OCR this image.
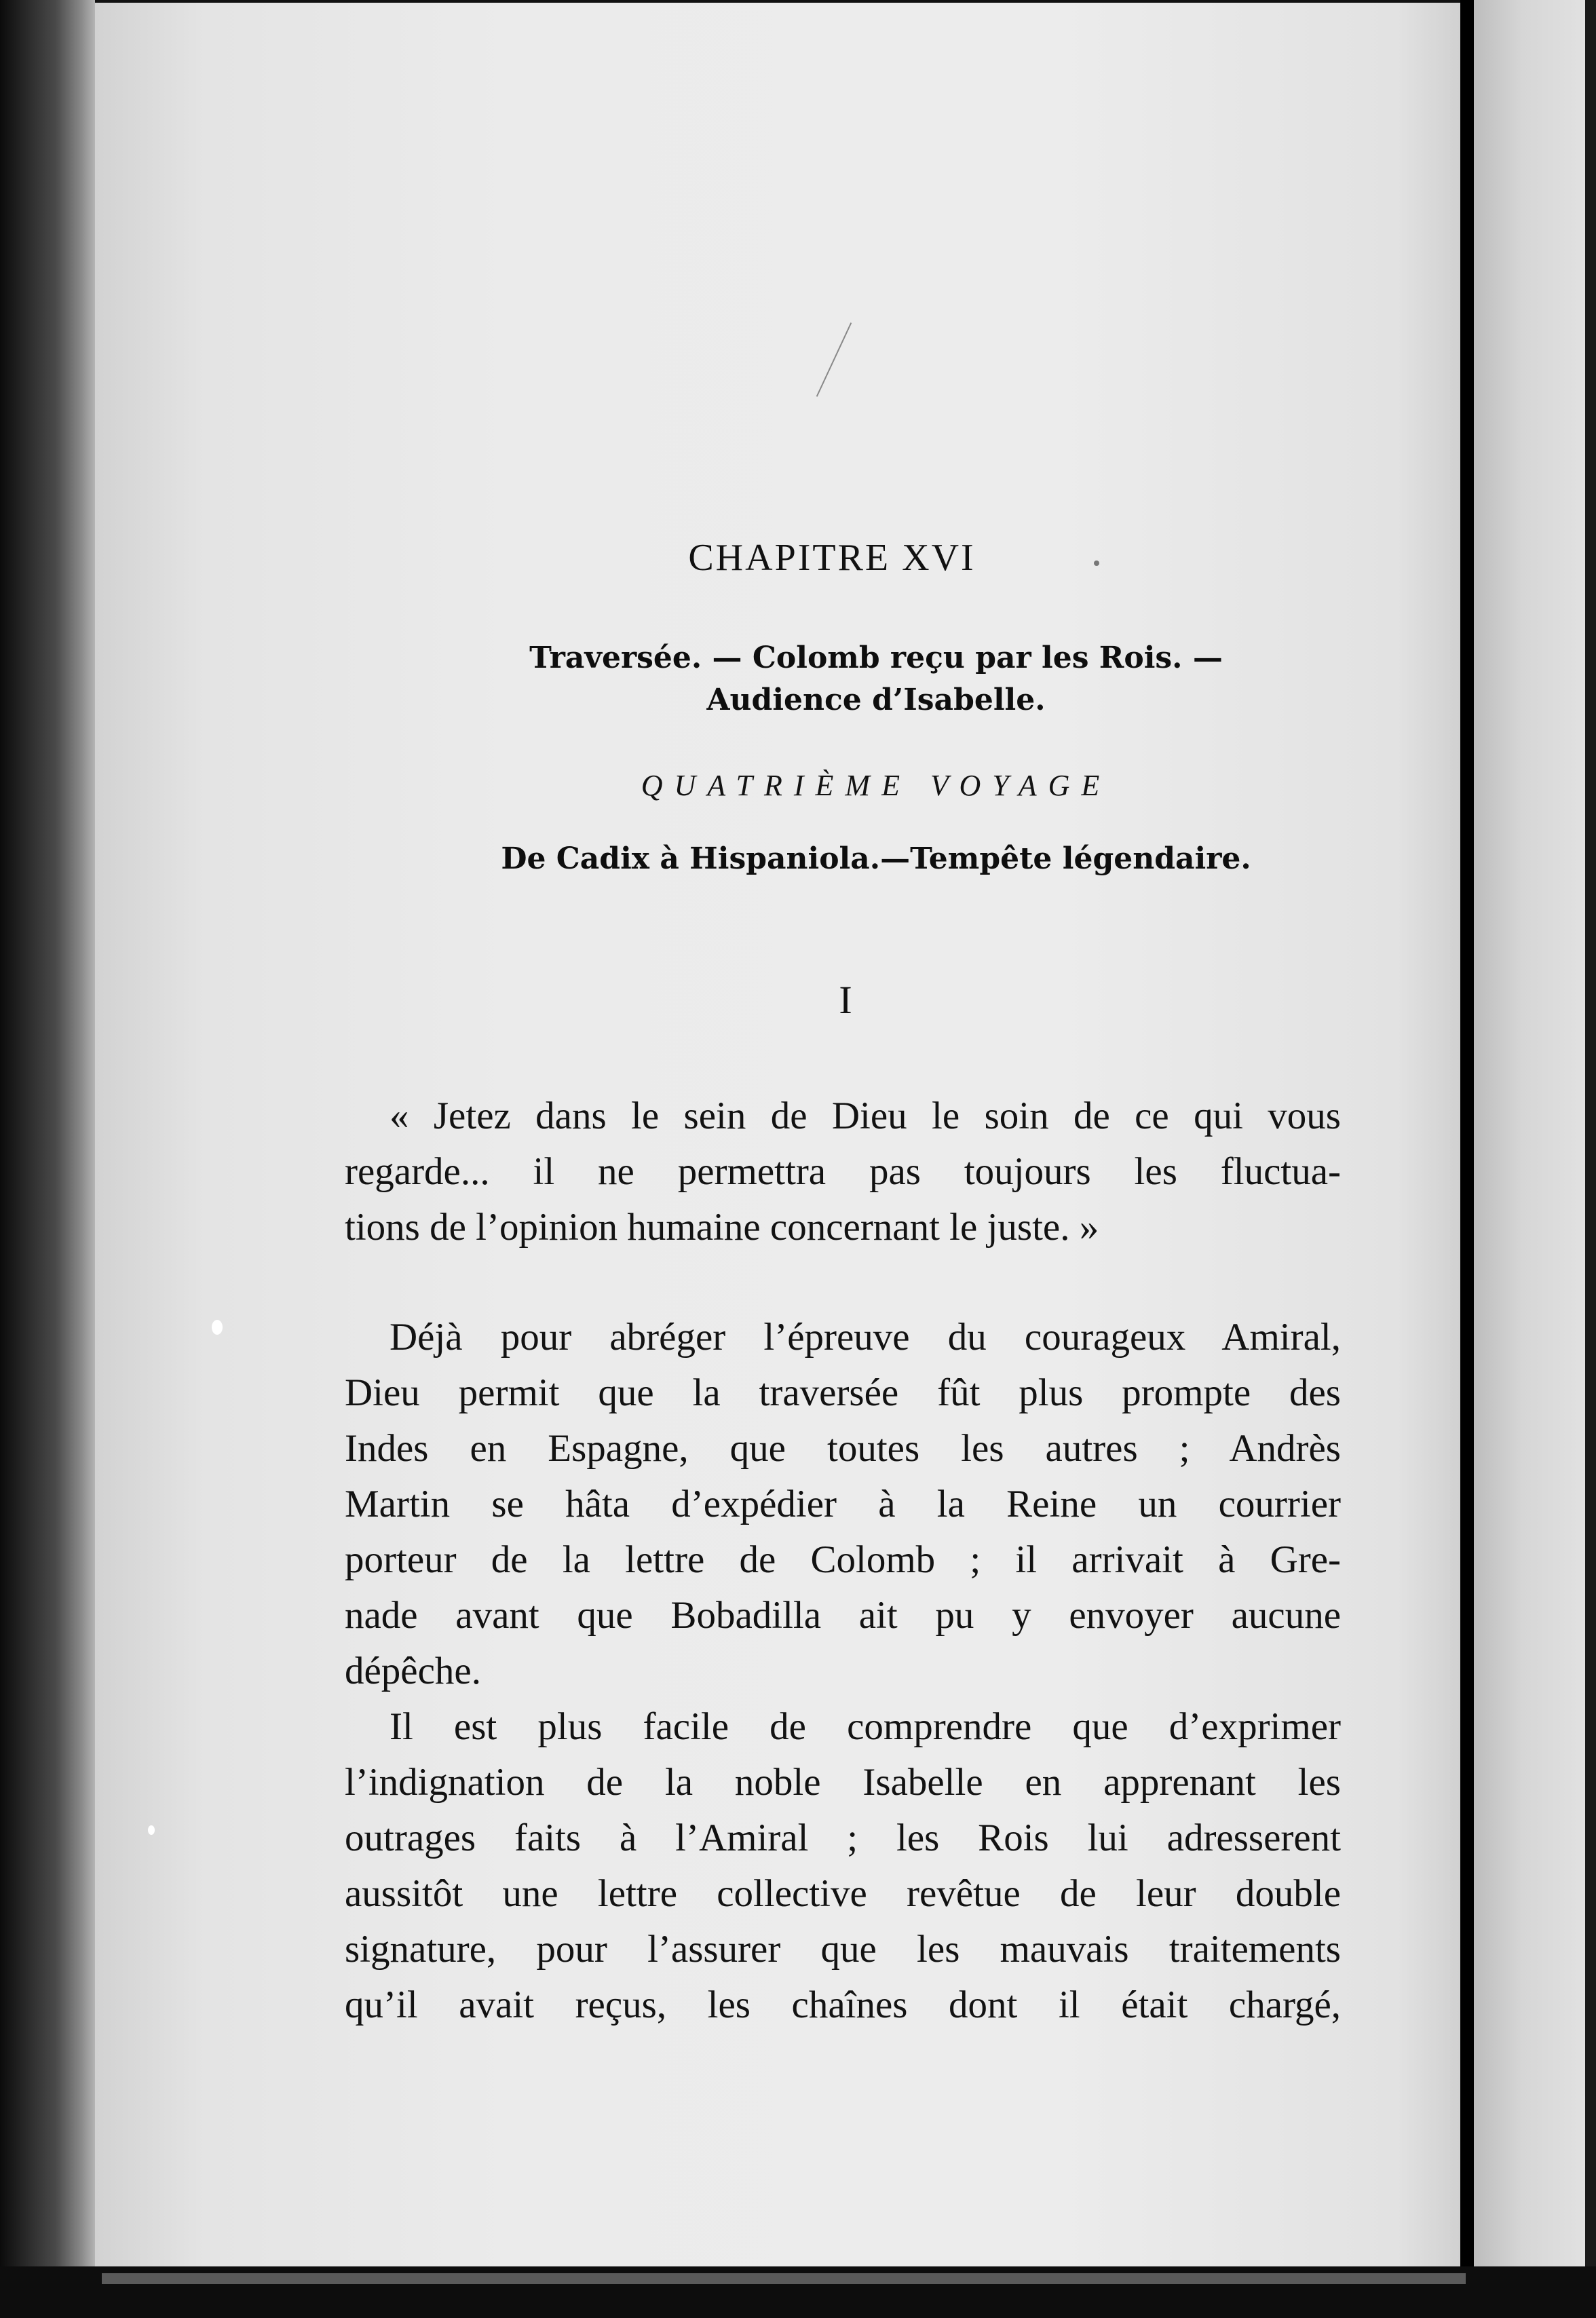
CHAPITRE XVI
Traversée. — Colomb reçu par les Rois. —
Audience d’Isabelle.
QUATRIÈME VOYAGE
De Cadix à Hispaniola.—Tempête légendaire.
I
« Jetez dans le sein de Dieu le soin de ce qui vous
regarde... il ne permettra pas toujours les fluctua-
tions de l’opinion humaine concernant le juste. »
Déjà pour abréger l’épreuve du courageux Amiral,
Dieu permit que la traversée fût plus prompte des
Indes en Espagne, que toutes les autres ; Andrès
Martin se hâta d’expédier à la Reine un courrier
porteur de la lettre de Colomb ; il arrivait à Gre-
nade avant que Bobadilla ait pu y envoyer aucune
dépêche.
Il est plus facile de comprendre que d’exprimer
l’indignation de la noble Isabelle en apprenant les
outrages faits à l’Amiral ; les Rois lui adresserent
aussitôt une lettre collective revêtue de leur double
signature, pour l’assurer que les mauvais traitements
qu’il avait reçus, les chaînes dont il était chargé,
